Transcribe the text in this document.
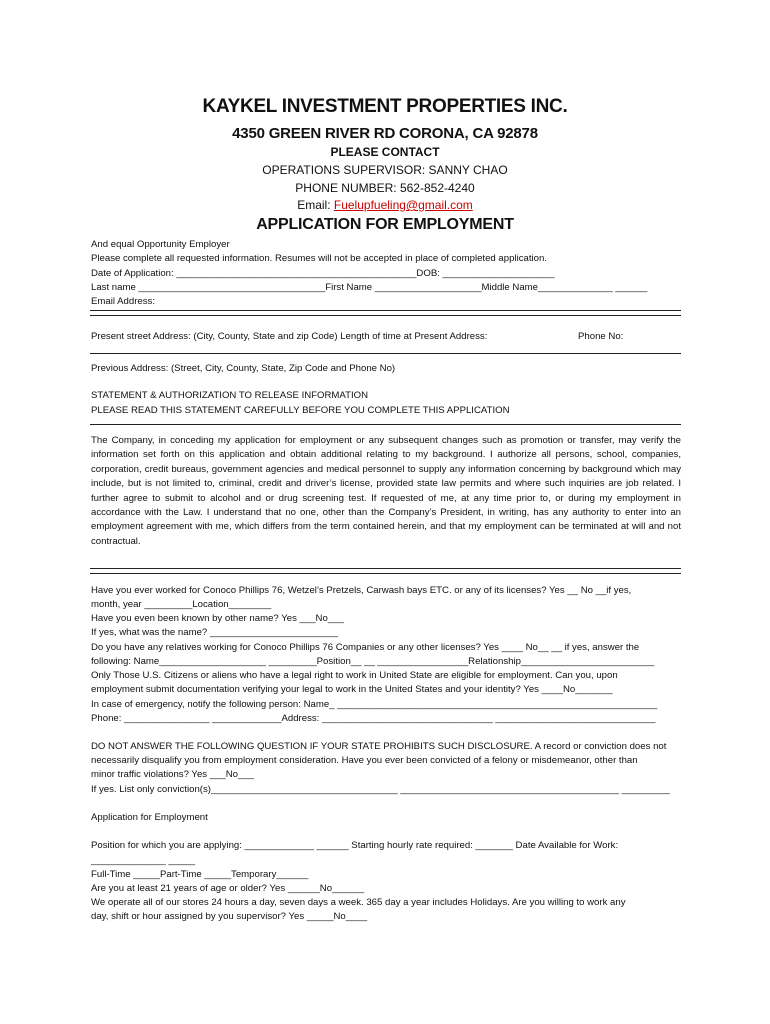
KAYKEL INVESTMENT PROPERTIES INC.
4350 GREEN RIVER RD CORONA, CA 92878
PLEASE CONTACT
OPERATIONS SUPERVISOR: SANNY CHAO
PHONE NUMBER: 562-852-4240
Email: Fuelupfueling@gmail.com
APPLICATION FOR EMPLOYMENT
And equal Opportunity Employer
Please complete all requested information. Resumes will not be accepted in place of completed application.
Date of Application: _____________________________________________DOB: _____________________
Last name ___________________________________First Name ____________________Middle Name______________ ______
Email Address:
Present street Address: (City, County, State and zip Code) Length of time at Present Address:	Phone No:
Previous Address: (Street, City, County, State, Zip Code and Phone No)
STATEMENT & AUTHORIZATION TO RELEASE INFORMATION
PLEASE READ THIS STATEMENT CAREFULLY BEFORE YOU COMPLETE THIS APPLICATION
The Company, in conceding my application for employment or any subsequent changes such as promotion or transfer, may verify the information set forth on this application and obtain additional relating to my background. I authorize all persons, school, companies, corporation, credit bureaus, government agencies and medical personnel to supply any information concerning by background which may include, but is not limited to, criminal, credit and driver’s license, provided state law permits and where such inquiries are job related. I further agree to submit to alcohol and or drug screening test. If requested of me, at any time prior to, or during my employment in accordance with the Law. I understand that no one, other than the Company’s President, in writing, has any authority to enter into an employment agreement with me, which differs from the term contained herein, and that my employment can be terminated at will and not contractual.
Have you ever worked for Conoco Phillips 76, Wetzel’s Pretzels, Carwash bays ETC. or any of its licenses? Yes __ No __if yes,
month, year _________Location________
Have you even been known by other name? Yes ___No___
If yes, what was the name? ________________________
Do you have any relatives working for Conoco Phillips 76 Companies or any other licenses? Yes ____ No__ __ if yes, answer the
following: Name____________________ _________Position__ __ _________________Relationship_________________________
Only Those U.S. Citizens or aliens who have a legal right to work in United State are eligible for employment. Can you, upon
employment submit documentation verifying your legal to work in the United States and your identity? Yes ____No_______
In case of emergency, notify the following person: Name_ ____________________________________________________________
Phone: ________________ _____________Address: ________________________________ ______________________________
DO NOT ANSWER THE FOLLOWING QUESTION IF YOUR STATE PROHIBITS SUCH DISCLOSURE. A record or conviction does not
necessarily disqualify you from employment consideration. Have you ever been convicted of a felony or misdemeanor, other than
minor traffic violations? Yes ___No___
If yes. List only conviction(s)___________________________________ _________________________________________ _________
Application for Employment
Position for which you are applying: _____________ ______ Starting hourly rate required: _______ Date Available for Work:
______________ _____
Full-Time _____Part-Time _____Temporary______
Are you at least 21 years of age or older? Yes ______No______
We operate all of our stores 24 hours a day, seven days a week. 365 day a year includes Holidays. Are you willing to work any
day, shift or hour assigned by you supervisor? Yes _____No____
